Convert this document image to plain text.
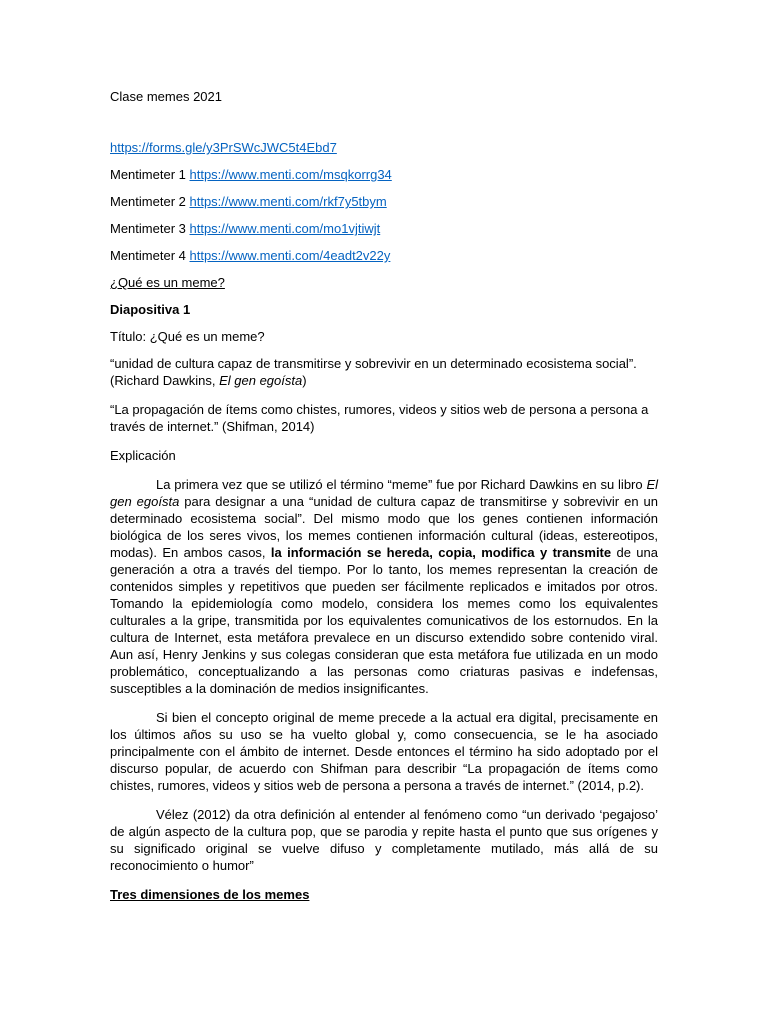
Clase memes 2021

https://forms.gle/y3PrSWcJWC5t4Ebd7

Mentimeter 1 https://www.menti.com/msqkorrg34

Mentimeter 2 https://www.menti.com/rkf7y5tbym

Mentimeter 3 https://www.menti.com/mo1vjtiwjt

Mentimeter 4 https://www.menti.com/4eadt2v22y

¿Qué es un meme?

Diapositiva 1

Título: ¿Qué es un meme?

“unidad de cultura capaz de transmitirse y sobrevivir en un determinado ecosistema social”. (Richard Dawkins, El gen egoísta)

“La propagación de ítems como chistes, rumores, videos y sitios web de persona a persona a través de internet.” (Shifman, 2014)

Explicación

La primera vez que se utilizó el término “meme” fue por Richard Dawkins en su libro El gen egoísta para designar a una “unidad de cultura capaz de transmitirse y sobrevivir en un determinado ecosistema social”. Del mismo modo que los genes contienen información biológica de los seres vivos, los memes contienen información cultural (ideas, estereotipos, modas). En ambos casos, la información se hereda, copia, modifica y transmite de una generación a otra a través del tiempo. Por lo tanto, los memes representan la creación de contenidos simples y repetitivos que pueden ser fácilmente replicados e imitados por otros. Tomando la epidemiología como modelo, considera los memes como los equivalentes culturales a la gripe, transmitida por los equivalentes comunicativos de los estornudos. En la cultura de Internet, esta metáfora prevalece en un discurso extendido sobre contenido viral. Aun así, Henry Jenkins y sus colegas consideran que esta metáfora fue utilizada en un modo problemático, conceptualizando a las personas como criaturas pasivas e indefensas, susceptibles a la dominación de medios insignificantes.

Si bien el concepto original de meme precede a la actual era digital, precisamente en los últimos años su uso se ha vuelto global y, como consecuencia, se le ha asociado principalmente con el ámbito de internet. Desde entonces el término ha sido adoptado por el discurso popular, de acuerdo con Shifman para describir “La propagación de ítems como chistes, rumores, videos y sitios web de persona a persona a través de internet.” (2014, p.2).

Vélez (2012) da otra definición al entender al fenómeno como “un derivado ‘pegajoso’ de algún aspecto de la cultura pop, que se parodia y repite hasta el punto que sus orígenes y su significado original se vuelve difuso y completamente mutilado, más allá de su reconocimiento o humor”

Tres dimensiones de los memes
